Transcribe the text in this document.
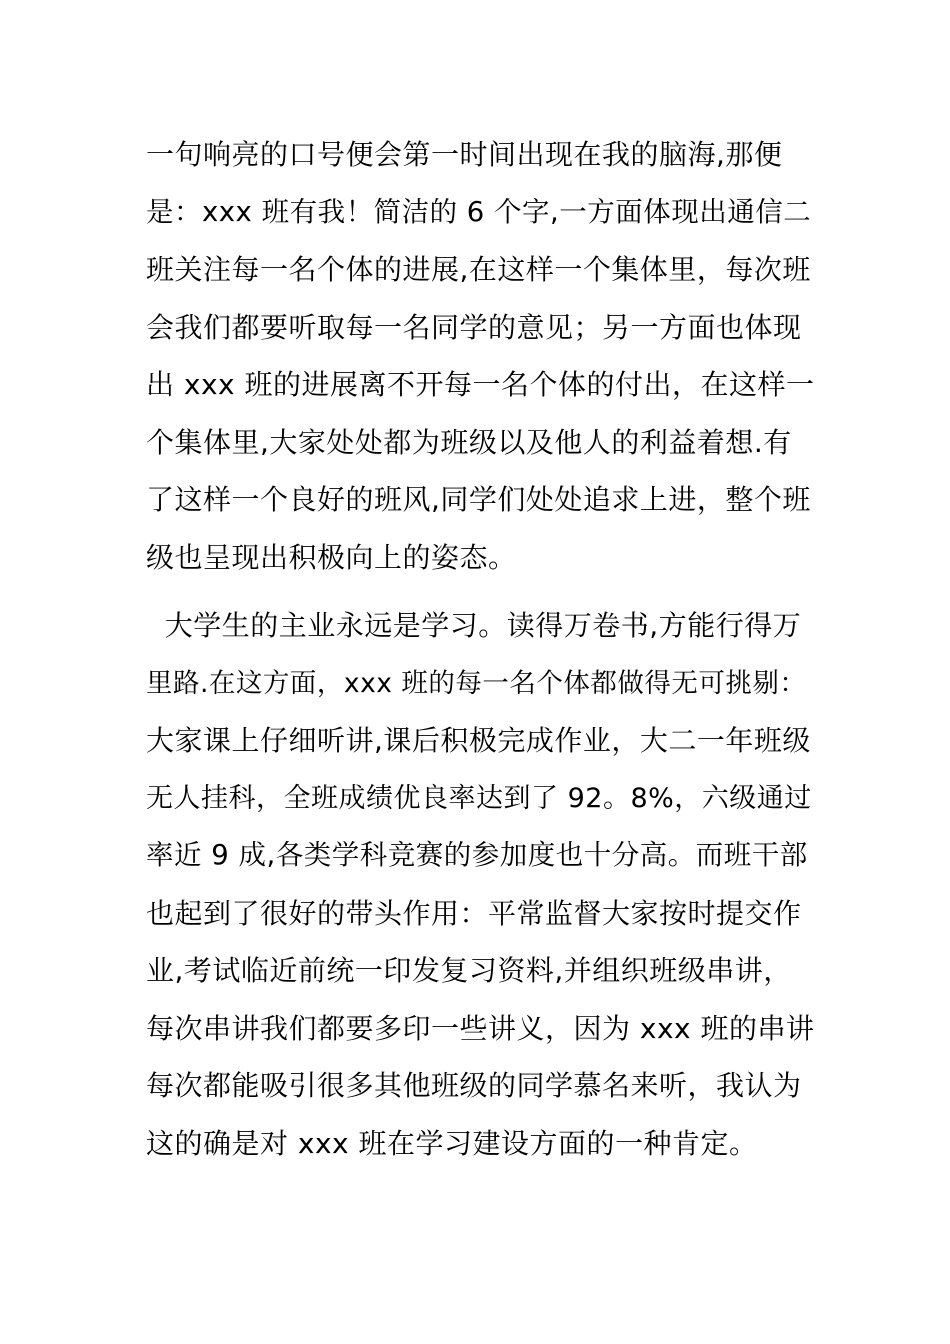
一句响亮的口号便会第一时间出现在我的脑海,那便
是：xxx 班有我！简洁的 6 个字,一方面体现出通信二
班关注每一名个体的进展,在这样一个集体里，每次班
会我们都要听取每一名同学的意见；另一方面也体现
出 xxx 班的进展离不开每一名个体的付出，在这样一
个集体里,大家处处都为班级以及他人的利益着想.有
了这样一个良好的班风,同学们处处追求上进，整个班
级也呈现出积极向上的姿态。
大学生的主业永远是学习。读得万卷书,方能行得万
里路.在这方面，xxx 班的每一名个体都做得无可挑剔：
大家课上仔细听讲,课后积极完成作业，大二一年班级
无人挂科，全班成绩优良率达到了 92。8%，六级通过
率近 9 成,各类学科竞赛的参加度也十分高。而班干部
也起到了很好的带头作用：平常监督大家按时提交作
业,考试临近前统一印发复习资料,并组织班级串讲，
每次串讲我们都要多印一些讲义，因为 xxx 班的串讲
每次都能吸引很多其他班级的同学慕名来听，我认为
这的确是对 xxx 班在学习建设方面的一种肯定。
